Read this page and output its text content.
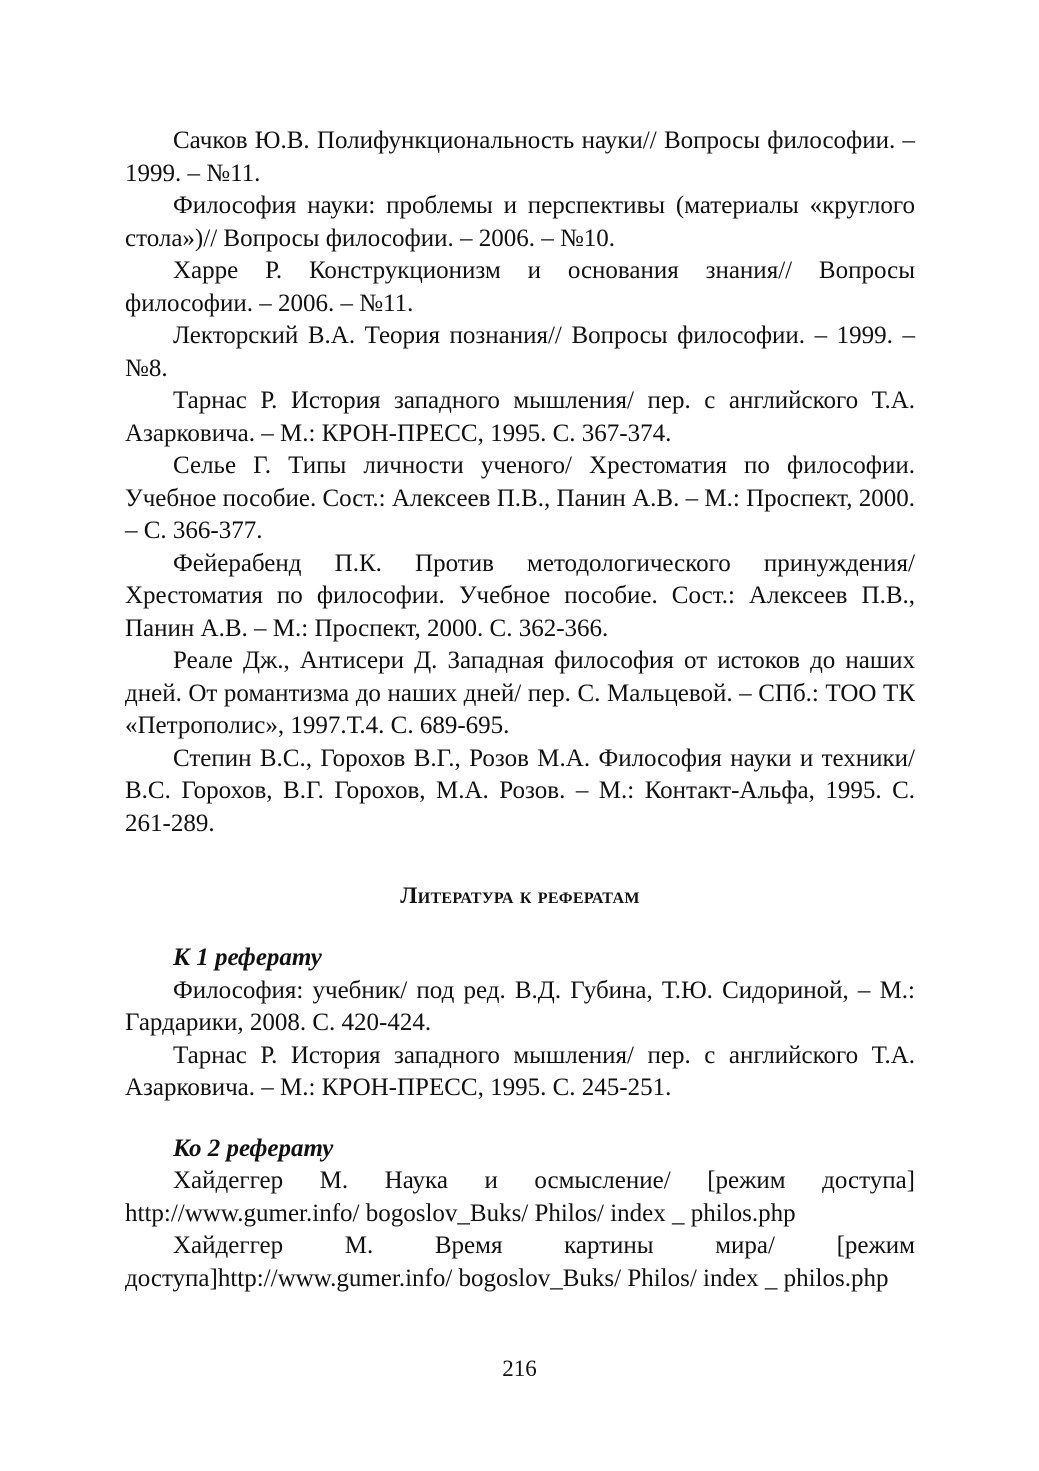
Сачков Ю.В. Полифункциональность науки// Вопросы философии. – 1999. – №11.

Философия науки: проблемы и перспективы (материалы «круглого стола»)// Вопросы философии. – 2006. – №10.

Харре Р. Конструкционизм и основания знания// Вопросы философии. – 2006. – №11.

Лекторский В.А. Теория познания// Вопросы философии. – 1999. – №8.

Тарнас Р. История западного мышления/ пер. с английского Т.А. Азарковича. – М.: КРОН-ПРЕСС, 1995. С. 367-374.

Селье Г. Типы личности ученого/ Хрестоматия по философии. Учебное пособие. Сост.: Алексеев П.В., Панин А.В. – М.: Проспект, 2000. – С. 366-377.

Фейерабенд П.К. Против методологического принуждения/ Хрестоматия по философии. Учебное пособие. Сост.: Алексеев П.В., Панин А.В. – М.: Проспект, 2000. С. 362-366.

Реале Дж., Антисери Д. Западная философия от истоков до наших дней. От романтизма до наших дней/ пер. С. Мальцевой. – СПб.: ТОО ТК «Петрополис», 1997.Т.4. С. 689-695.

Степин В.С., Горохов В.Г., Розов М.А. Философия науки и техники/ В.С. Горохов, В.Г. Горохов, М.А. Розов. – М.: Контакт-Альфа, 1995. С. 261-289.

Литература к рефератам

К 1 реферату

Философия: учебник/ под ред. В.Д. Губина, Т.Ю. Сидориной, – М.: Гардарики, 2008. С. 420-424.

Тарнас Р. История западного мышления/ пер. с английского Т.А. Азарковича. – М.: КРОН-ПРЕСС, 1995. С. 245-251.

Ко 2 реферату

Хайдеггер М. Наука и осмысление/ [режим доступа] http://www.gumer.info/ bogoslov_Buks/ Philos/ index _ philos.php

Хайдеггер М. Время картины мира/ [режим доступа]http://www.gumer.info/ bogoslov_Buks/ Philos/ index _ philos.php

216
